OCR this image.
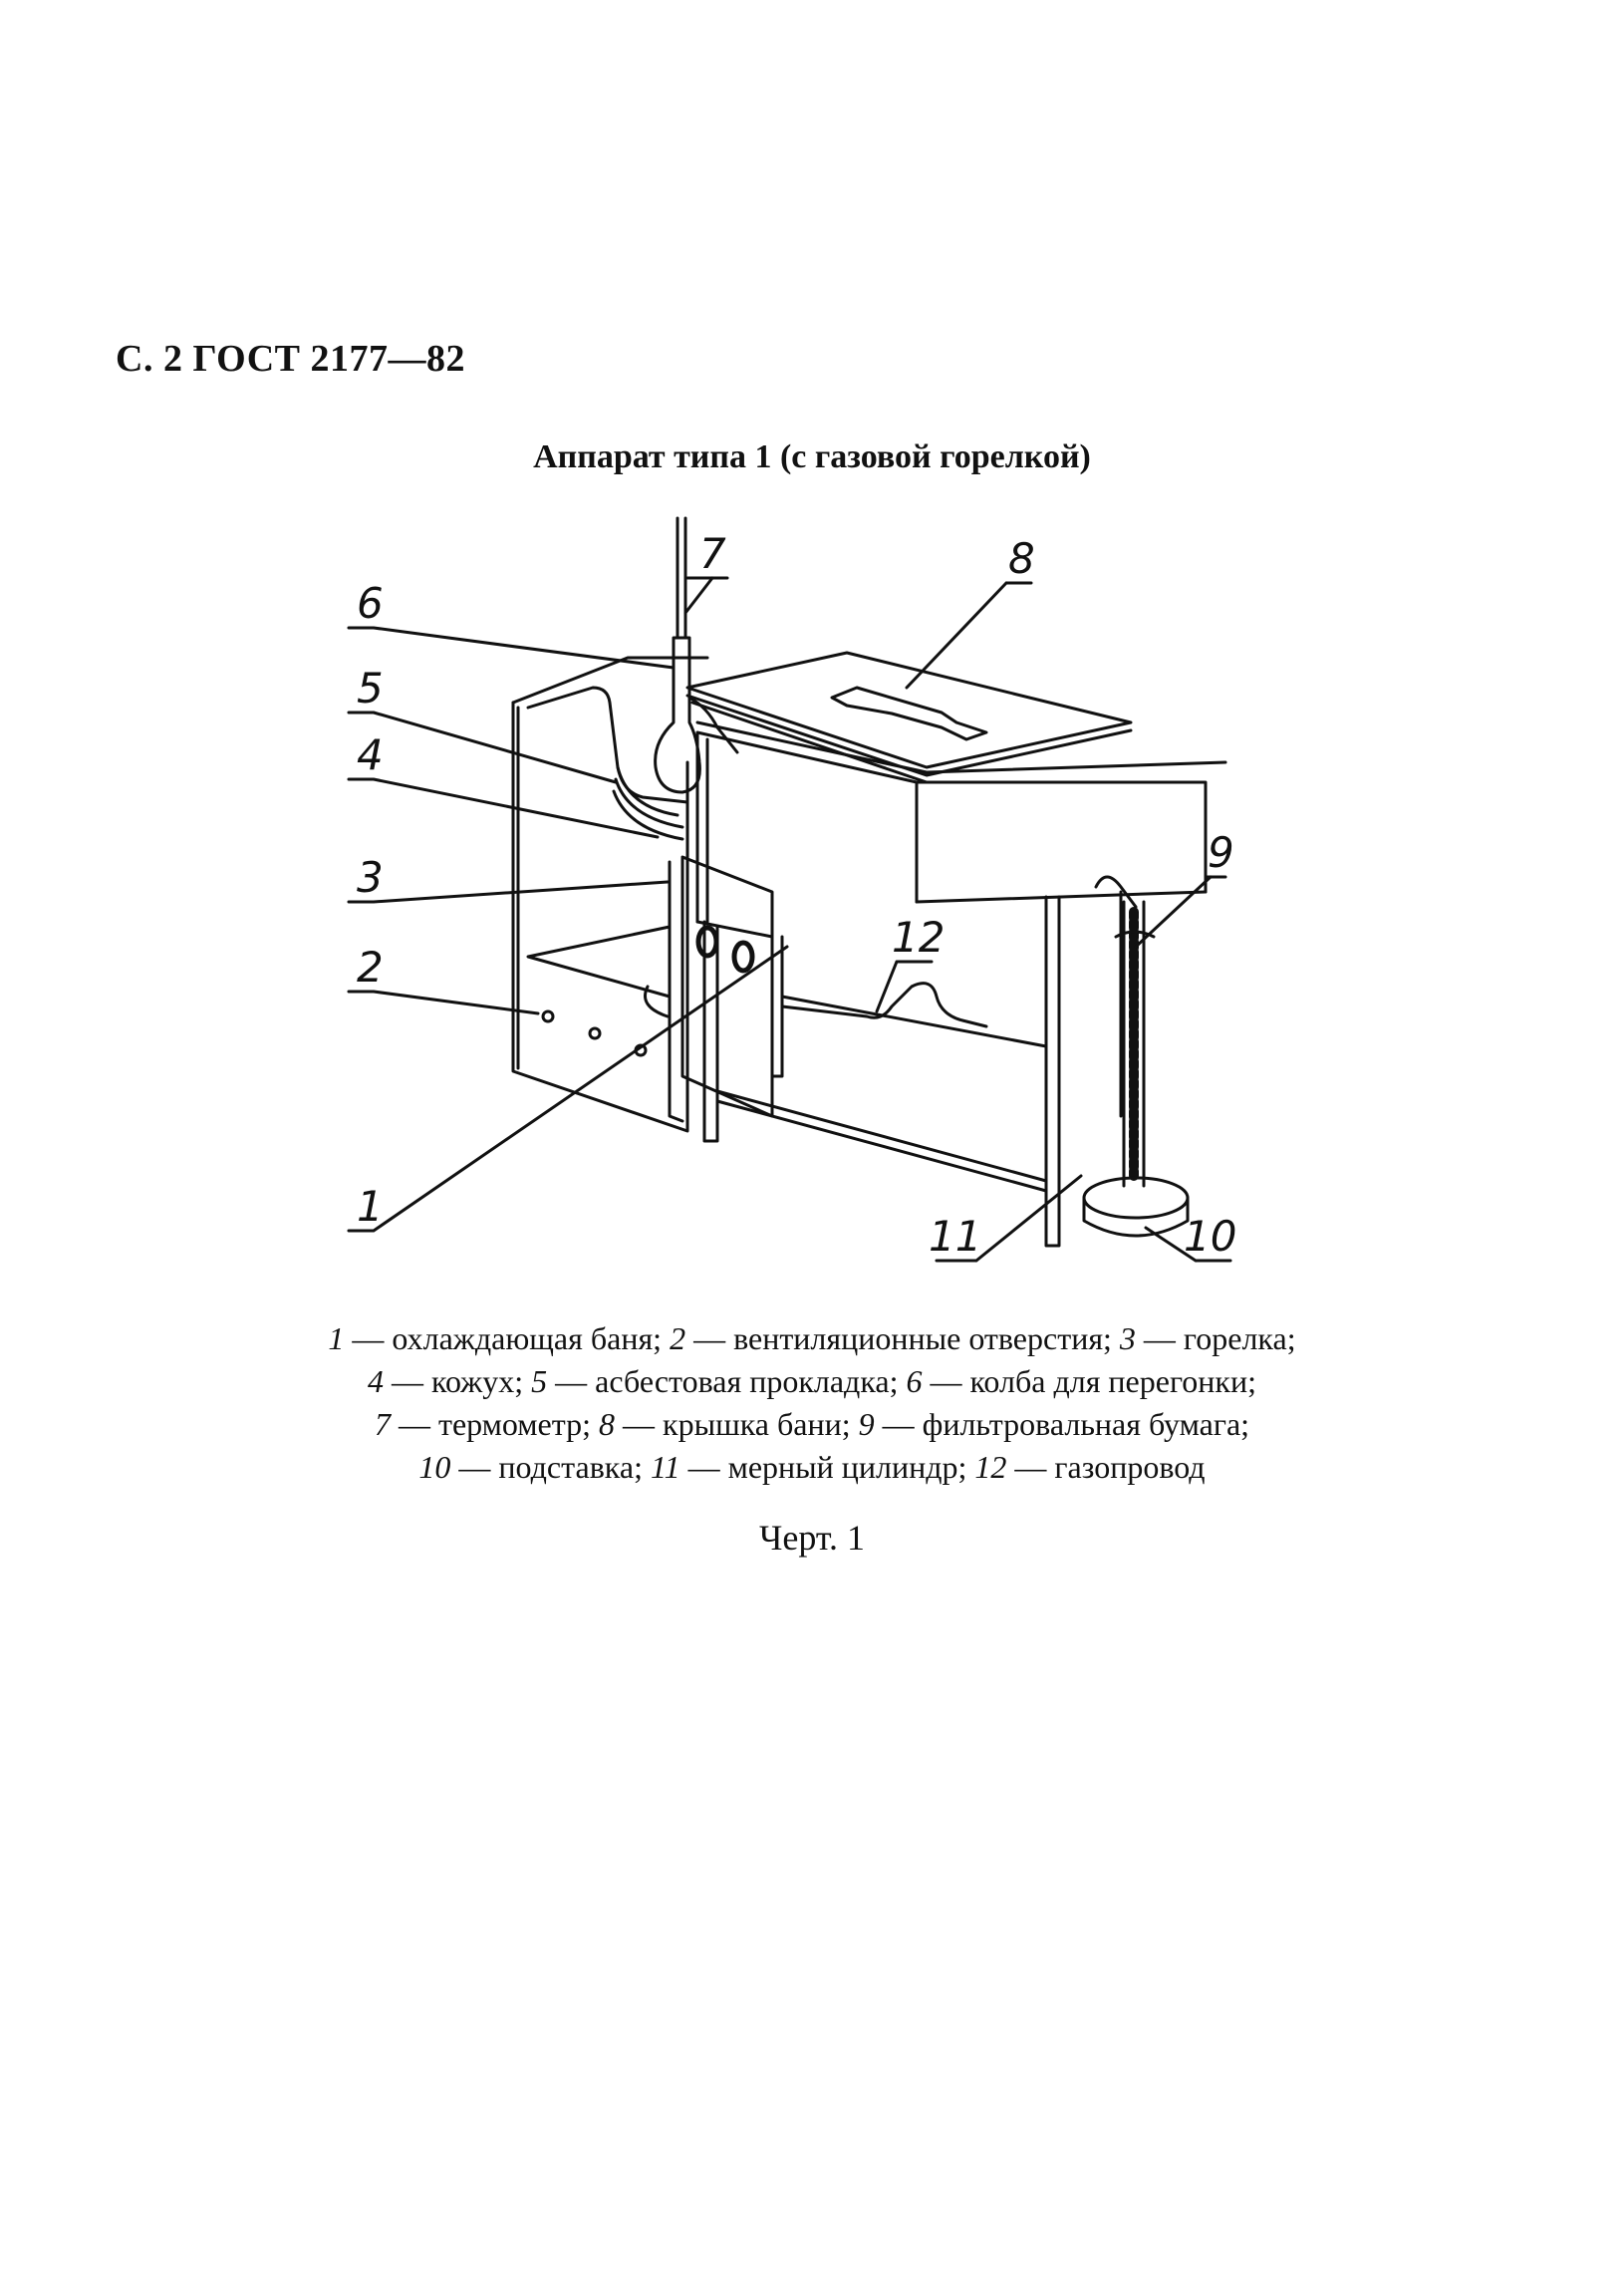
С. 2 ГОСТ 2177—82
Аппарат типа 1 (с газовой горелкой)
1
2
3
4
5
6
7	8
9
10
11
12
1 — охлаждающая баня; 2 — вентиляционные отверстия; 3 — горелка;
4 — кожух; 5 — асбестовая прокладка; 6 — колба для перегонки;
7 — термометр; 8 — крышка бани; 9 — фильтровальная бумага;
10 — подставка; 11 — мерный цилиндр; 12 — газопровод
Черт. 1
